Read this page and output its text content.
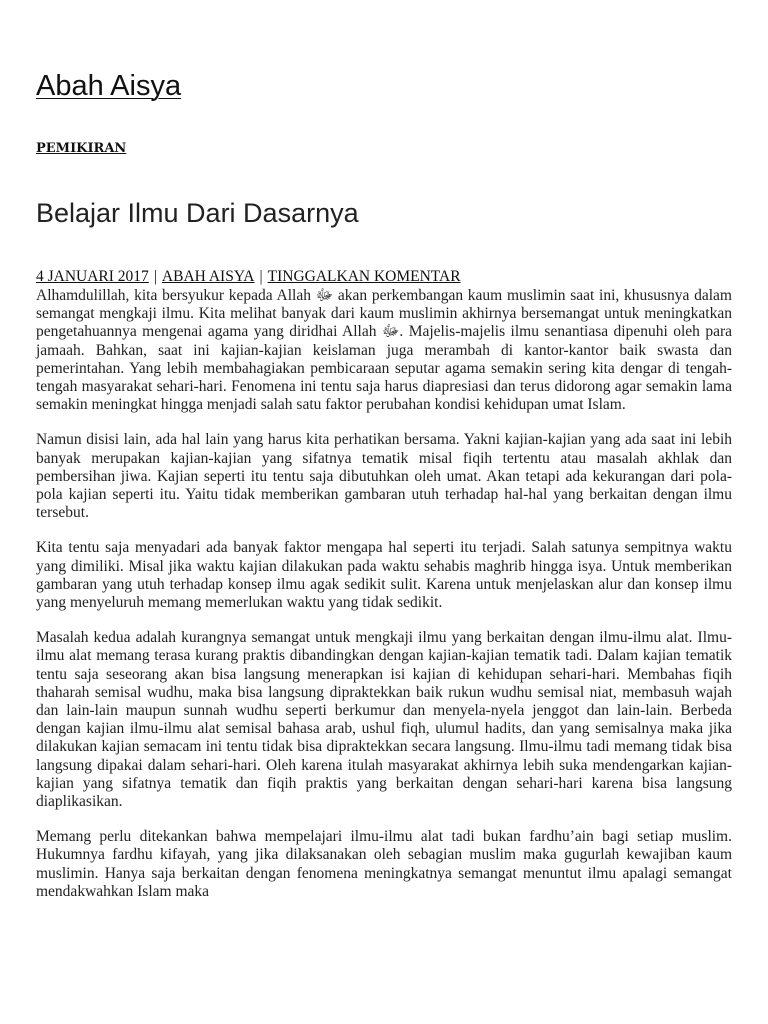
Abah Aisya
PEMIKIRAN
Belajar Ilmu Dari Dasarnya
4 JANUARI 2017 | ABAH AISYA | TINGGALKAN KOMENTAR

Alhamdulillah, kita bersyukur kepada Allah ﷻ akan perkembangan kaum muslimin saat ini, khususnya dalam semangat mengkaji ilmu. Kita melihat banyak dari kaum muslimin akhirnya bersemangat untuk meningkatkan pengetahuannya mengenai agama yang diridhai Allah ﷻ. Majelis-majelis ilmu senantiasa dipenuhi oleh para jamaah. Bahkan, saat ini kajian-kajian keislaman juga merambah di kantor-kantor baik swasta dan pemerintahan. Yang lebih membahagiakan pembicaraan seputar agama semakin sering kita dengar di tengah-tengah masyarakat sehari-hari. Fenomena ini tentu saja harus diapresiasi dan terus didorong agar semakin lama semakin meningkat hingga menjadi salah satu faktor perubahan kondisi kehidupan umat Islam.

Namun disisi lain, ada hal lain yang harus kita perhatikan bersama. Yakni kajian-kajian yang ada saat ini lebih banyak merupakan kajian-kajian yang sifatnya tematik misal fiqih tertentu atau masalah akhlak dan pembersihan jiwa. Kajian seperti itu tentu saja dibutuhkan oleh umat. Akan tetapi ada kekurangan dari pola-pola kajian seperti itu. Yaitu tidak memberikan gambaran utuh terhadap hal-hal yang berkaitan dengan ilmu tersebut.

Kita tentu saja menyadari ada banyak faktor mengapa hal seperti itu terjadi. Salah satunya sempitnya waktu yang dimiliki. Misal jika waktu kajian dilakukan pada waktu sehabis maghrib hingga isya. Untuk memberikan gambaran yang utuh terhadap konsep ilmu agak sedikit sulit. Karena untuk menjelaskan alur dan konsep ilmu yang menyeluruh memang memerlukan waktu yang tidak sedikit.

Masalah kedua adalah kurangnya semangat untuk mengkaji ilmu yang berkaitan dengan ilmu-ilmu alat. Ilmu-ilmu alat memang terasa kurang praktis dibandingkan dengan kajian-kajian tematik tadi. Dalam kajian tematik tentu saja seseorang akan bisa langsung menerapkan isi kajian di kehidupan sehari-hari. Membahas fiqih thaharah semisal wudhu, maka bisa langsung dipraktekkan baik rukun wudhu semisal niat, membasuh wajah dan lain-lain maupun sunnah wudhu seperti berkumur dan menyela-nyela jenggot dan lain-lain. Berbeda dengan kajian ilmu-ilmu alat semisal bahasa arab, ushul fiqh, ulumul hadits, dan yang semisalnya maka jika dilakukan kajian semacam ini tentu tidak bisa dipraktekkan secara langsung. Ilmu-ilmu tadi memang tidak bisa langsung dipakai dalam sehari-hari. Oleh karena itulah masyarakat akhirnya lebih suka mendengarkan kajian-kajian yang sifatnya tematik dan fiqih praktis yang berkaitan dengan sehari-hari karena bisa langsung diaplikasikan.

Memang perlu ditekankan bahwa mempelajari ilmu-ilmu alat tadi bukan fardhu’ain bagi setiap muslim. Hukumnya fardhu kifayah, yang jika dilaksanakan oleh sebagian muslim maka gugurlah kewajiban kaum muslimin. Hanya saja berkaitan dengan fenomena meningkatnya semangat menuntut ilmu apalagi semangat mendakwahkan Islam maka
